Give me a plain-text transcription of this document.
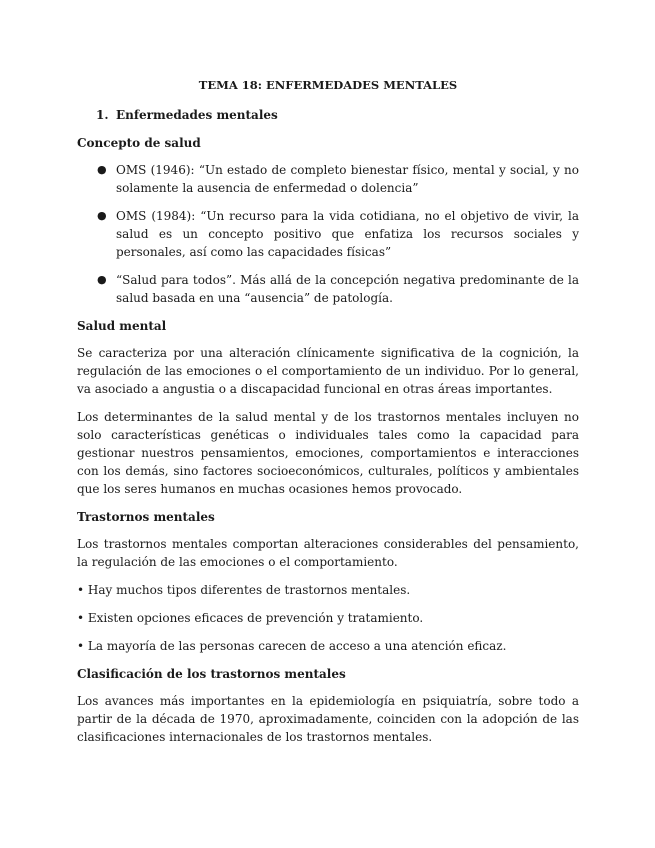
TEMA 18: ENFERMEDADES MENTALES
1. Enfermedades mentales
Concepto de salud
● OMS (1946): “Un estado de completo bienestar físico, mental y social, y no solamente la ausencia de enfermedad o dolencia”
● OMS (1984): “Un recurso para la vida cotidiana, no el objetivo de vivir, la salud es un concepto positivo que enfatiza los recursos sociales y personales, así como las capacidades físicas”
● “Salud para todos”. Más allá de la concepción negativa predominante de la salud basada en una “ausencia” de patología.
Salud mental

Se caracteriza por una alteración clínicamente significativa de la cognición, la regulación de las emociones o el comportamiento de un individuo. Por lo general, va asociado a angustia o a discapacidad funcional en otras áreas importantes.

Los determinantes de la salud mental y de los trastornos mentales incluyen no solo características genéticas o individuales tales como la capacidad para gestionar nuestros pensamientos, emociones, comportamientos e interacciones con los demás, sino factores socioeconómicos, culturales, políticos y ambientales que los seres humanos en muchas ocasiones hemos provocado.

Trastornos mentales

Los trastornos mentales comportan alteraciones considerables del pensamiento, la regulación de las emociones o el comportamiento.

• Hay muchos tipos diferentes de trastornos mentales.

• Existen opciones eficaces de prevención y tratamiento.

• La mayoría de las personas carecen de acceso a una atención eficaz.

Clasificación de los trastornos mentales

Los avances más importantes en la epidemiología en psiquiatría, sobre todo a partir de la década de 1970, aproximadamente, coinciden con la adopción de las clasificaciones internacionales de los trastornos mentales.
